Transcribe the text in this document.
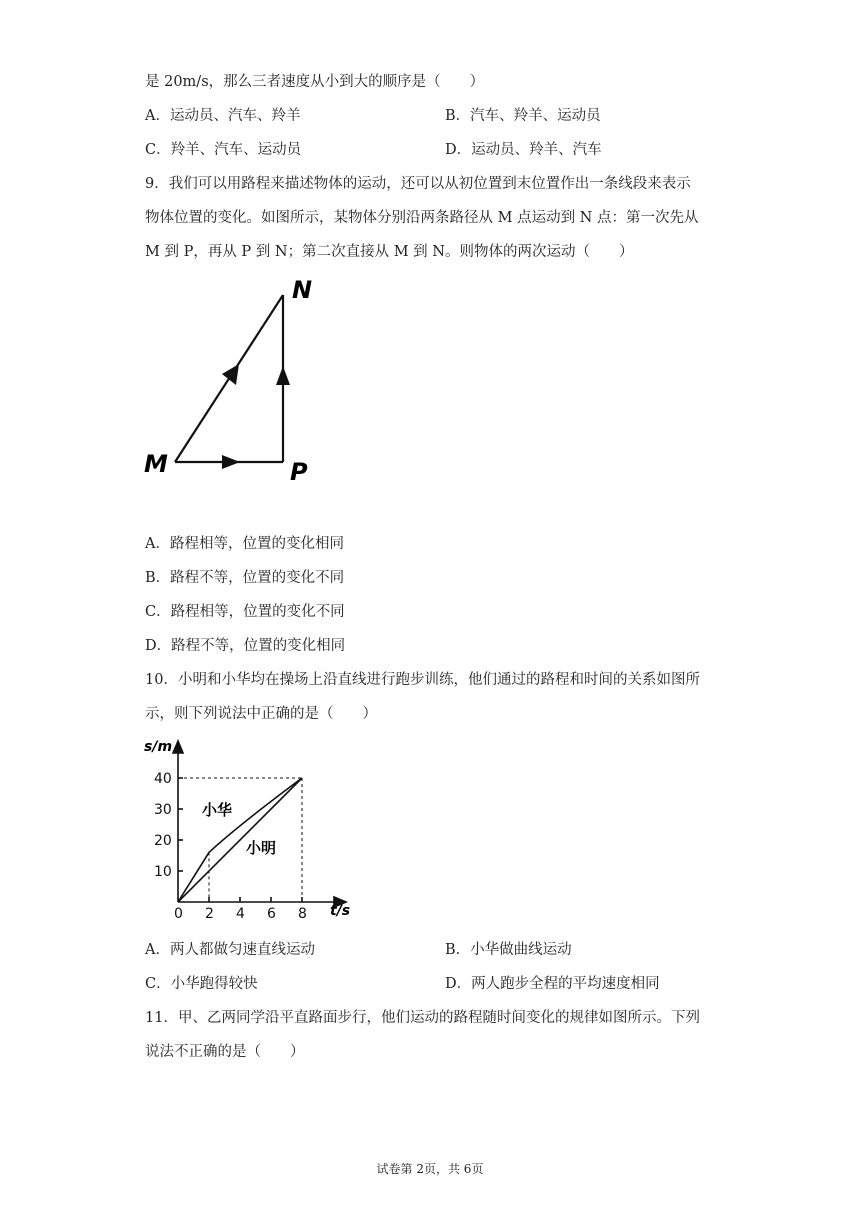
是 20m/s，那么三者速度从小到大的顺序是（　　）
A．运动员、汽车、羚羊	B．汽车、羚羊、运动员
C．羚羊、汽车、运动员	D．运动员、羚羊、汽车
9．我们可以用路程来描述物体的运动，还可以从初位置到末位置作出一条线段来表示
物体位置的变化。如图所示，某物体分别沿两条路径从 M 点运动到 N 点：第一次先从
M 到 P，再从 P 到 N；第二次直接从 M 到 N。则物体的两次运动（　　）
N
M	P
A．路程相等，位置的变化相同
B．路程不等，位置的变化不同
C．路程相等，位置的变化不同
D．路程不等，位置的变化相同
10．小明和小华均在操场上沿直线进行跑步训练，他们通过的路程和时间的关系如图所
示，则下列说法中正确的是（　　）
0 2 4 6 8
10
20
30
40
s/m
t/s
小华
小明
A．两人都做匀速直线运动	B．小华做曲线运动
C．小华跑得较快	D．两人跑步全程的平均速度相同
11．甲、乙两同学沿平直路面步行，他们运动的路程随时间变化的规律如图所示。下列
说法不正确的是（　　）
试卷第 2页，共 6页
